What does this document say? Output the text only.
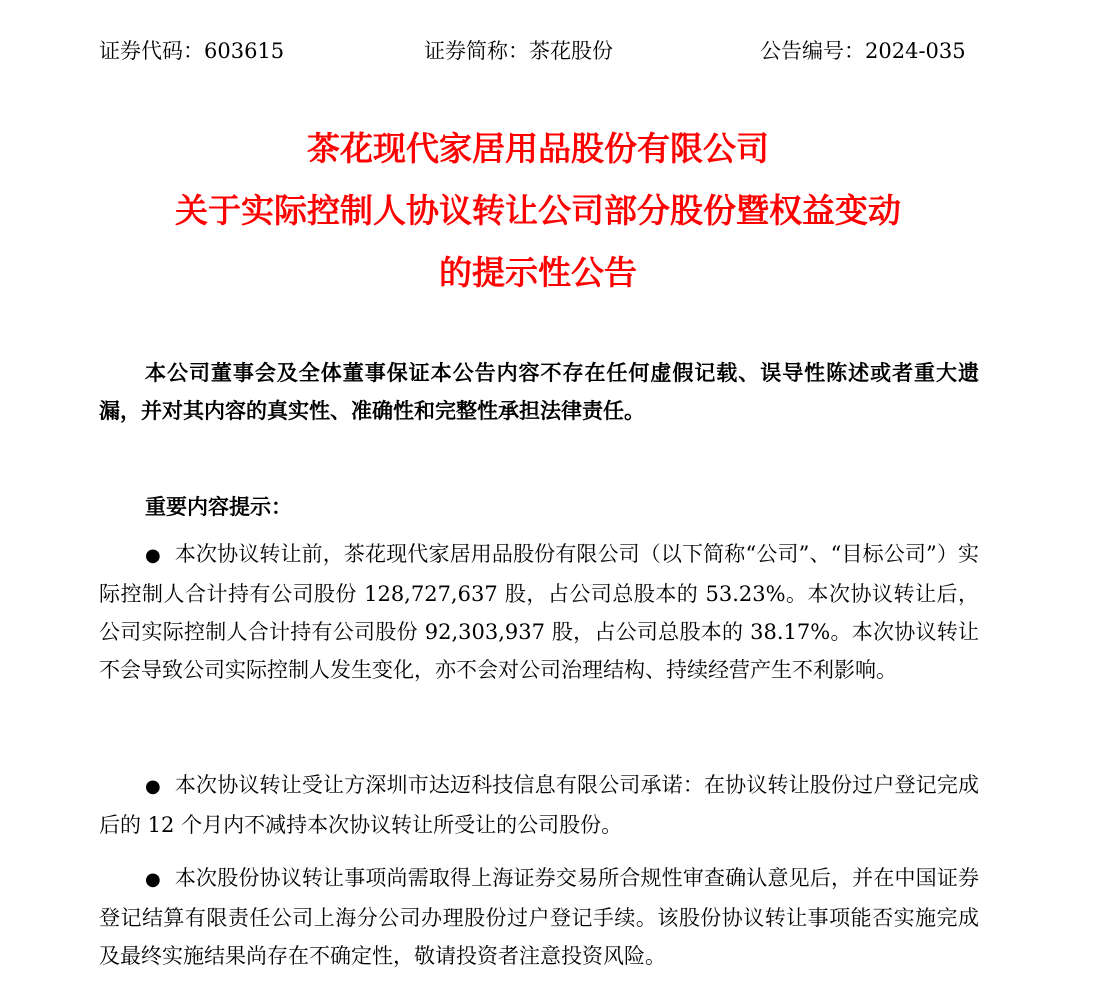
证券代码：603615	证券简称：茶花股份	公告编号：2024-035
茶花现代家居用品股份有限公司
关于实际控制人协议转让公司部分股份暨权益变动
的提示性公告
本公司董事会及全体董事保证本公告内容不存在任何虚假记载、误导性陈述或者重大遗漏，并对其内容的真实性、准确性和完整性承担法律责任。
重要内容提示：
● 本次协议转让前，茶花现代家居用品股份有限公司（以下简称“公司”、“目标公司”）实际控制人合计持有公司股份 128,727,637 股，占公司总股本的 53.23%。本次协议转让后，公司实际控制人合计持有公司股份 92,303,937 股，占公司总股本的 38.17%。本次协议转让不会导致公司实际控制人发生变化，亦不会对公司治理结构、持续经营产生不利影响。
● 本次协议转让受让方深圳市达迈科技信息有限公司承诺：在协议转让股份过户登记完成后的 12 个月内不减持本次协议转让所受让的公司股份。
● 本次股份协议转让事项尚需取得上海证券交易所合规性审查确认意见后，并在中国证券登记结算有限责任公司上海分公司办理股份过户登记手续。该股份协议转让事项能否实施完成及最终实施结果尚存在不确定性，敬请投资者注意投资风险。
